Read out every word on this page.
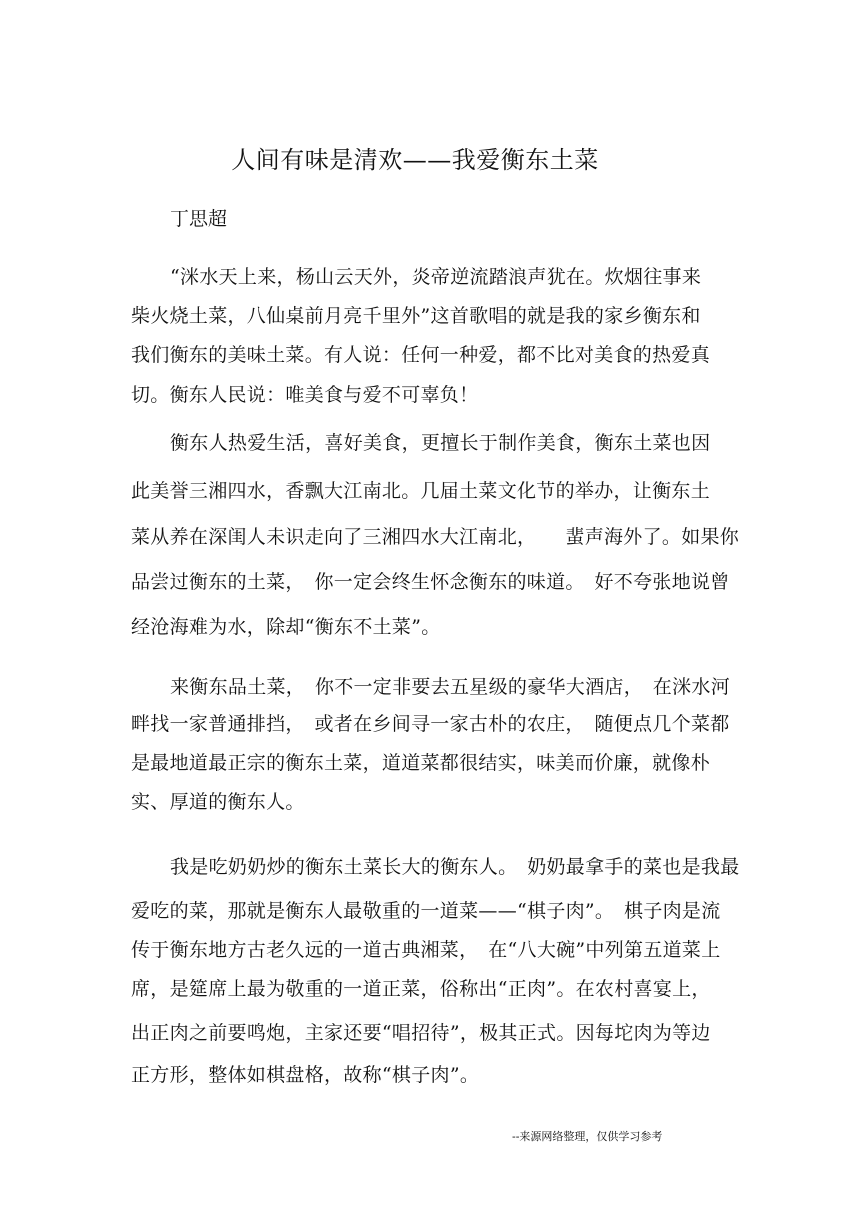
人间有味是清欢——我爱衡东土菜
丁思超
“洣水天上来，杨山云天外，炎帝逆流踏浪声犹在。炊烟往事来
柴火烧土菜，八仙桌前月亮千里外”这首歌唱的就是我的家乡衡东和
我们衡东的美味土菜。有人说：任何一种爱，都不比对美食的热爱真
切。衡东人民说：唯美食与爱不可辜负！
衡东人热爱生活，喜好美食，更擅长于制作美食，衡东土菜也因
此美誉三湘四水，香飘大江南北。几届土菜文化节的举办，让衡东土
菜从养在深闺人未识走向了三湘四水大江南北，　　蜚声海外了。如果你
品尝过衡东的土菜，　你一定会终生怀念衡东的味道。　好不夸张地说曾
经沧海难为水，除却“衡东不土菜”。
来衡东品土菜，　你不一定非要去五星级的豪华大酒店，　在洣水河
畔找一家普通排挡，　或者在乡间寻一家古朴的农庄，　随便点几个菜都
是最地道最正宗的衡东土菜，道道菜都很结实，味美而价廉，就像朴
实、厚道的衡东人。
我是吃奶奶炒的衡东土菜长大的衡东人。　奶奶最拿手的菜也是我最
爱吃的菜，那就是衡东人最敬重的一道菜——“棋子肉”。　棋子肉是流
传于衡东地方古老久远的一道古典湘菜，　在“八大碗”中列第五道菜上
席，是筵席上最为敬重的一道正菜，俗称出“正肉”。在农村喜宴上，
出正肉之前要鸣炮，主家还要“唱招待”，极其正式。因每坨肉为等边
正方形，整体如棋盘格，故称“棋子肉”。
--来源网络整理，仅供学习参考
